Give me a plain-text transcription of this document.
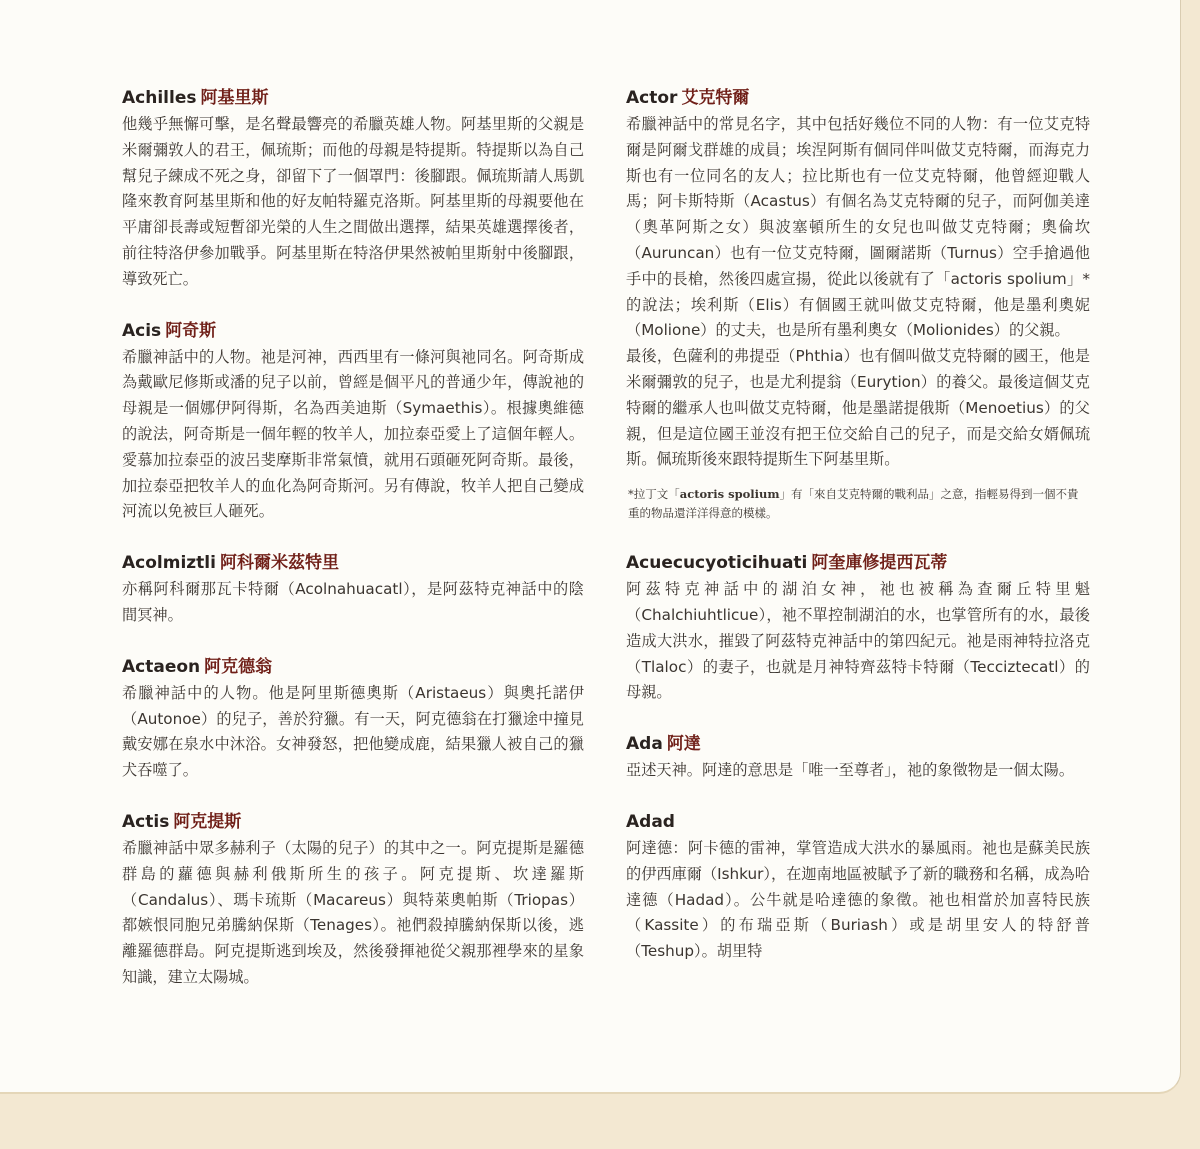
Achilles 阿基里斯

他幾乎無懈可擊，是名聲最響亮的希臘英雄人物。阿基里斯的父親是米爾彌敦人的君王，佩琉斯；而他的母親是特提斯。特提斯以為自己幫兒子練成不死之身，卻留下了一個罩門：後腳跟。佩琉斯請人馬凱隆來教育阿基里斯和他的好友帕特羅克洛斯。阿基里斯的母親要他在平庸卻長壽或短暫卻光榮的人生之間做出選擇，結果英雄選擇後者，前往特洛伊參加戰爭。阿基里斯在特洛伊果然被帕里斯射中後腳跟，導致死亡。

Acis 阿奇斯

希臘神話中的人物。祂是河神，西西里有一條河與祂同名。阿奇斯成為戴歐尼修斯或潘的兒子以前，曾經是個平凡的普通少年，傳說祂的母親是一個娜伊阿得斯，名為西美迪斯（Symaethis）。根據奧維德的說法，阿奇斯是一個年輕的牧羊人，加拉泰亞愛上了這個年輕人。愛慕加拉泰亞的波呂斐摩斯非常氣憤，就用石頭砸死阿奇斯。最後，加拉泰亞把牧羊人的血化為阿奇斯河。另有傳說，牧羊人把自己變成河流以免被巨人砸死。

Acolmiztli 阿科爾米茲特里

亦稱阿科爾那瓦卡特爾（Acolnahuacatl），是阿茲特克神話中的陰間冥神。

Actaeon 阿克德翁

希臘神話中的人物。他是阿里斯德奧斯（Aristaeus）與奧托諾伊（Autonoe）的兒子，善於狩獵。有一天，阿克德翁在打獵途中撞見戴安娜在泉水中沐浴。女神發怒，把他變成鹿，結果獵人被自己的獵犬吞噬了。

Actis 阿克提斯

希臘神話中眾多赫利子（太陽的兒子）的其中之一。阿克提斯是羅德群島的蘿德與赫利俄斯所生的孩子。阿克提斯、坎達羅斯（Candalus）、瑪卡琉斯（Macareus）與特萊奧帕斯（Triopas）都嫉恨同胞兄弟騰納保斯（Tenages）。祂們殺掉騰納保斯以後，逃離羅德群島。阿克提斯逃到埃及，然後發揮祂從父親那裡學來的星象知識，建立太陽城。

Actor 艾克特爾

希臘神話中的常見名字，其中包括好幾位不同的人物：有一位艾克特爾是阿爾戈群雄的成員；埃涅阿斯有個同伴叫做艾克特爾，而海克力斯也有一位同名的友人；拉比斯也有一位艾克特爾，他曾經迎戰人馬；阿卡斯特斯（Acastus）有個名為艾克特爾的兒子，而阿伽美達（奧革阿斯之女）與波塞頓所生的女兒也叫做艾克特爾；奧倫坎（Auruncan）也有一位艾克特爾，圖爾諾斯（Turnus）空手搶過他手中的長槍，然後四處宣揚，從此以後就有了「actoris spolium」*的說法；埃利斯（Elis）有個國王就叫做艾克特爾，他是墨利奧妮（Molione）的丈夫，也是所有墨利奧女（Molionides）的父親。

最後，色薩利的弗提亞（Phthia）也有個叫做艾克特爾的國王，他是米爾彌敦的兒子，也是尤利提翁（Eurytion）的養父。最後這個艾克特爾的繼承人也叫做艾克特爾，他是墨諾提俄斯（Menoetius）的父親，但是這位國王並沒有把王位交給自己的兒子，而是交給女婿佩琉斯。佩琉斯後來跟特提斯生下阿基里斯。

*拉丁文「actoris spolium」有「來自艾克特爾的戰利品」之意，指輕易得到一個不貴重的物品還洋洋得意的模樣。
Acuecucyoticihuati 阿奎庫修提西瓦蒂

阿茲特克神話中的湖泊女神，祂也被稱為查爾丘特里魁（Chalchiuhtlicue），祂不單控制湖泊的水，也掌管所有的水，最後造成大洪水，摧毀了阿茲特克神話中的第四紀元。祂是雨神特拉洛克（Tlaloc）的妻子，也就是月神特齊茲特卡特爾（Tecciztecatl）的母親。

Ada 阿達

亞述天神。阿達的意思是「唯一至尊者」，祂的象徵物是一個太陽。

Adad

阿達德：阿卡德的雷神，掌管造成大洪水的暴風雨。祂也是蘇美民族的伊西庫爾（Ishkur），在迦南地區被賦予了新的職務和名稱，成為哈達德（Hadad）。公牛就是哈達德的象徵。祂也相當於加喜特民族（Kassite）的布瑞亞斯（Buriash）或是胡里安人的特舒普（Teshup）。胡里特
